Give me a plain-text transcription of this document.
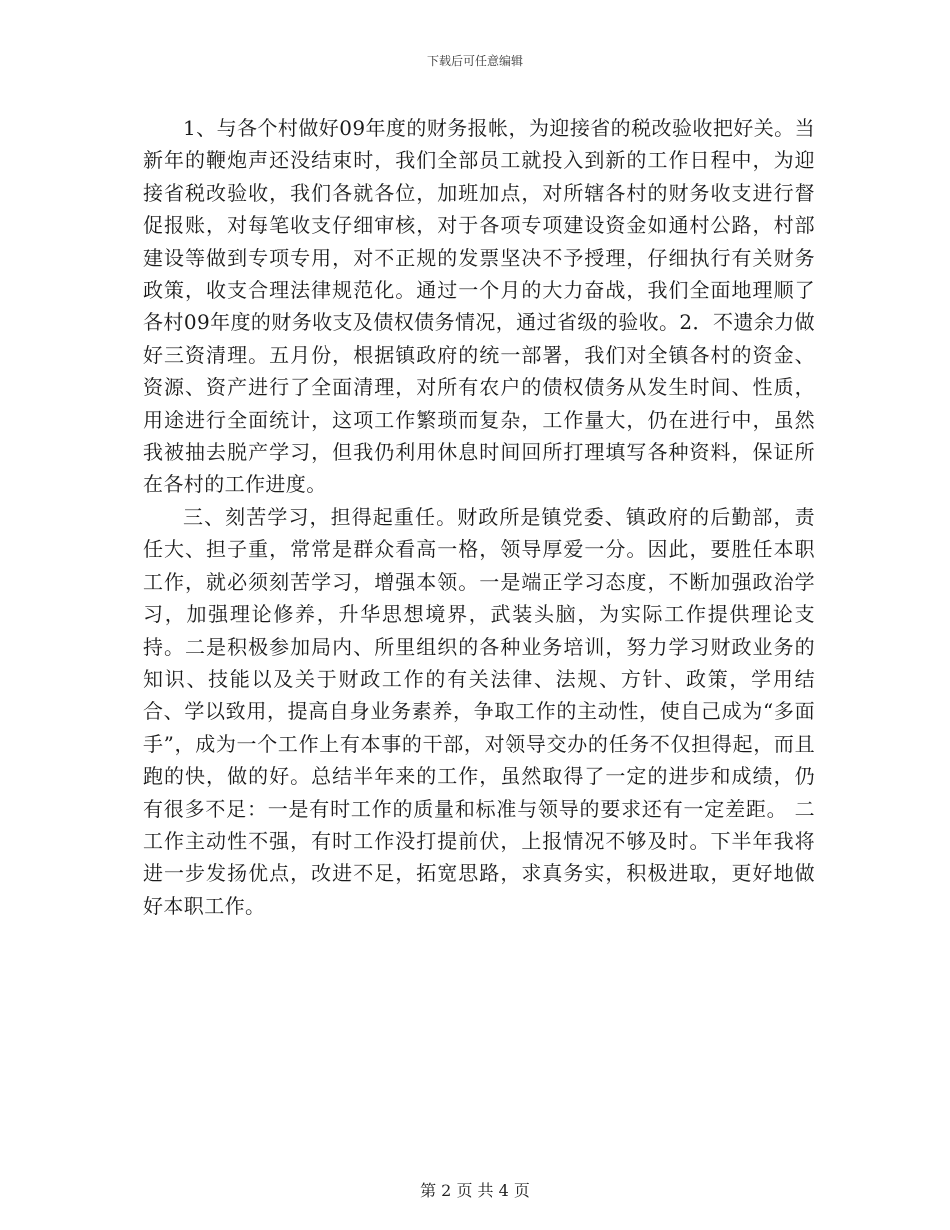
下载后可任意编辑

1、与各个村做好09年度的财务报帐，为迎接省的税改验收把好关。当新年的鞭炮声还没结束时，我们全部员工就投入到新的工作日程中，为迎接省税改验收，我们各就各位，加班加点，对所辖各村的财务收支进行督促报账，对每笔收支仔细审核，对于各项专项建设资金如通村公路，村部建设等做到专项专用，对不正规的发票坚决不予授理，仔细执行有关财务政策，收支合理法律规范化。通过一个月的大力奋战，我们全面地理顺了各村09年度的财务收支及债权债务情况，通过省级的验收。2．不遗余力做好三资清理。五月份，根据镇政府的统一部署，我们对全镇各村的资金、资源、资产进行了全面清理，对所有农户的债权债务从发生时间、性质，用途进行全面统计，这项工作繁琐而复杂，工作量大，仍在进行中，虽然我被抽去脱产学习，但我仍利用休息时间回所打理填写各种资料，保证所在各村的工作进度。

三、刻苦学习，担得起重任。财政所是镇党委、镇政府的后勤部，责任大、担子重，常常是群众看高一格，领导厚爱一分。因此，要胜任本职工作，就必须刻苦学习，增强本领。一是端正学习态度，不断加强政治学习，加强理论修养，升华思想境界，武装头脑，为实际工作提供理论支持。二是积极参加局内、所里组织的各种业务培训，努力学习财政业务的知识、技能以及关于财政工作的有关法律、法规、方针、政策，学用结合、学以致用，提高自身业务素养，争取工作的主动性，使自己成为“多面手”，成为一个工作上有本事的干部，对领导交办的任务不仅担得起，而且跑的快，做的好。总结半年来的工作，虽然取得了一定的进步和成绩，仍有很多不足：一是有时工作的质量和标准与领导的要求还有一定差距。 二工作主动性不强，有时工作没打提前伏，上报情况不够及时。下半年我将进一步发扬优点，改进不足，拓宽思路，求真务实，积极进取，更好地做好本职工作。

第 2 页 共 4 页
